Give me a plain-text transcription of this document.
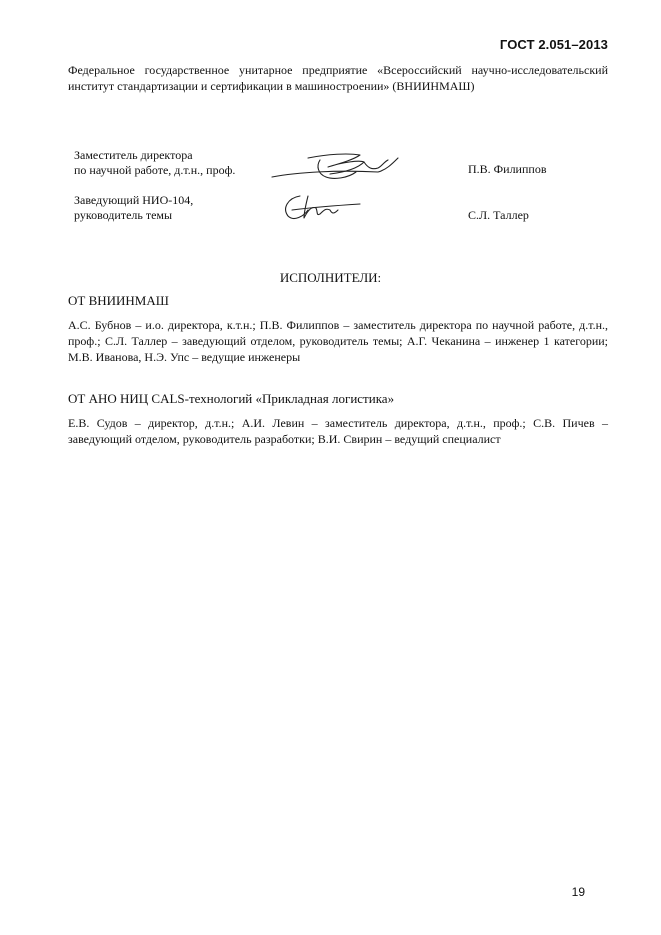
ГОСТ 2.051–2013
Федеральное государственное унитарное предприятие «Всероссийский научно-исследовательский институт стандартизации и сертификации в машиностроении» (ВНИИНМАШ)
Заместитель директора
по научной работе, д.т.н., проф.	П.В. Филиппов
Заведующий НИО-104,
руководитель темы	С.Л. Таллер
ИСПОЛНИТЕЛИ:
ОТ ВНИИНМАШ
А.С. Бубнов – и.о. директора, к.т.н.; П.В. Филиппов – заместитель директора по научной работе, д.т.н., проф.; С.Л. Таллер – заведующий отделом, руководитель темы; А.Г. Чеканина – инженер 1 категории; М.В. Иванова, Н.Э. Упс – ведущие инженеры
ОТ АНО НИЦ CALS-технологий «Прикладная логистика»
Е.В. Судов – директор, д.т.н.; А.И. Левин – заместитель директора, д.т.н., проф.; С.В. Пичев – заведующий отделом, руководитель разработки; В.И. Свирин – ведущий специалист
19
